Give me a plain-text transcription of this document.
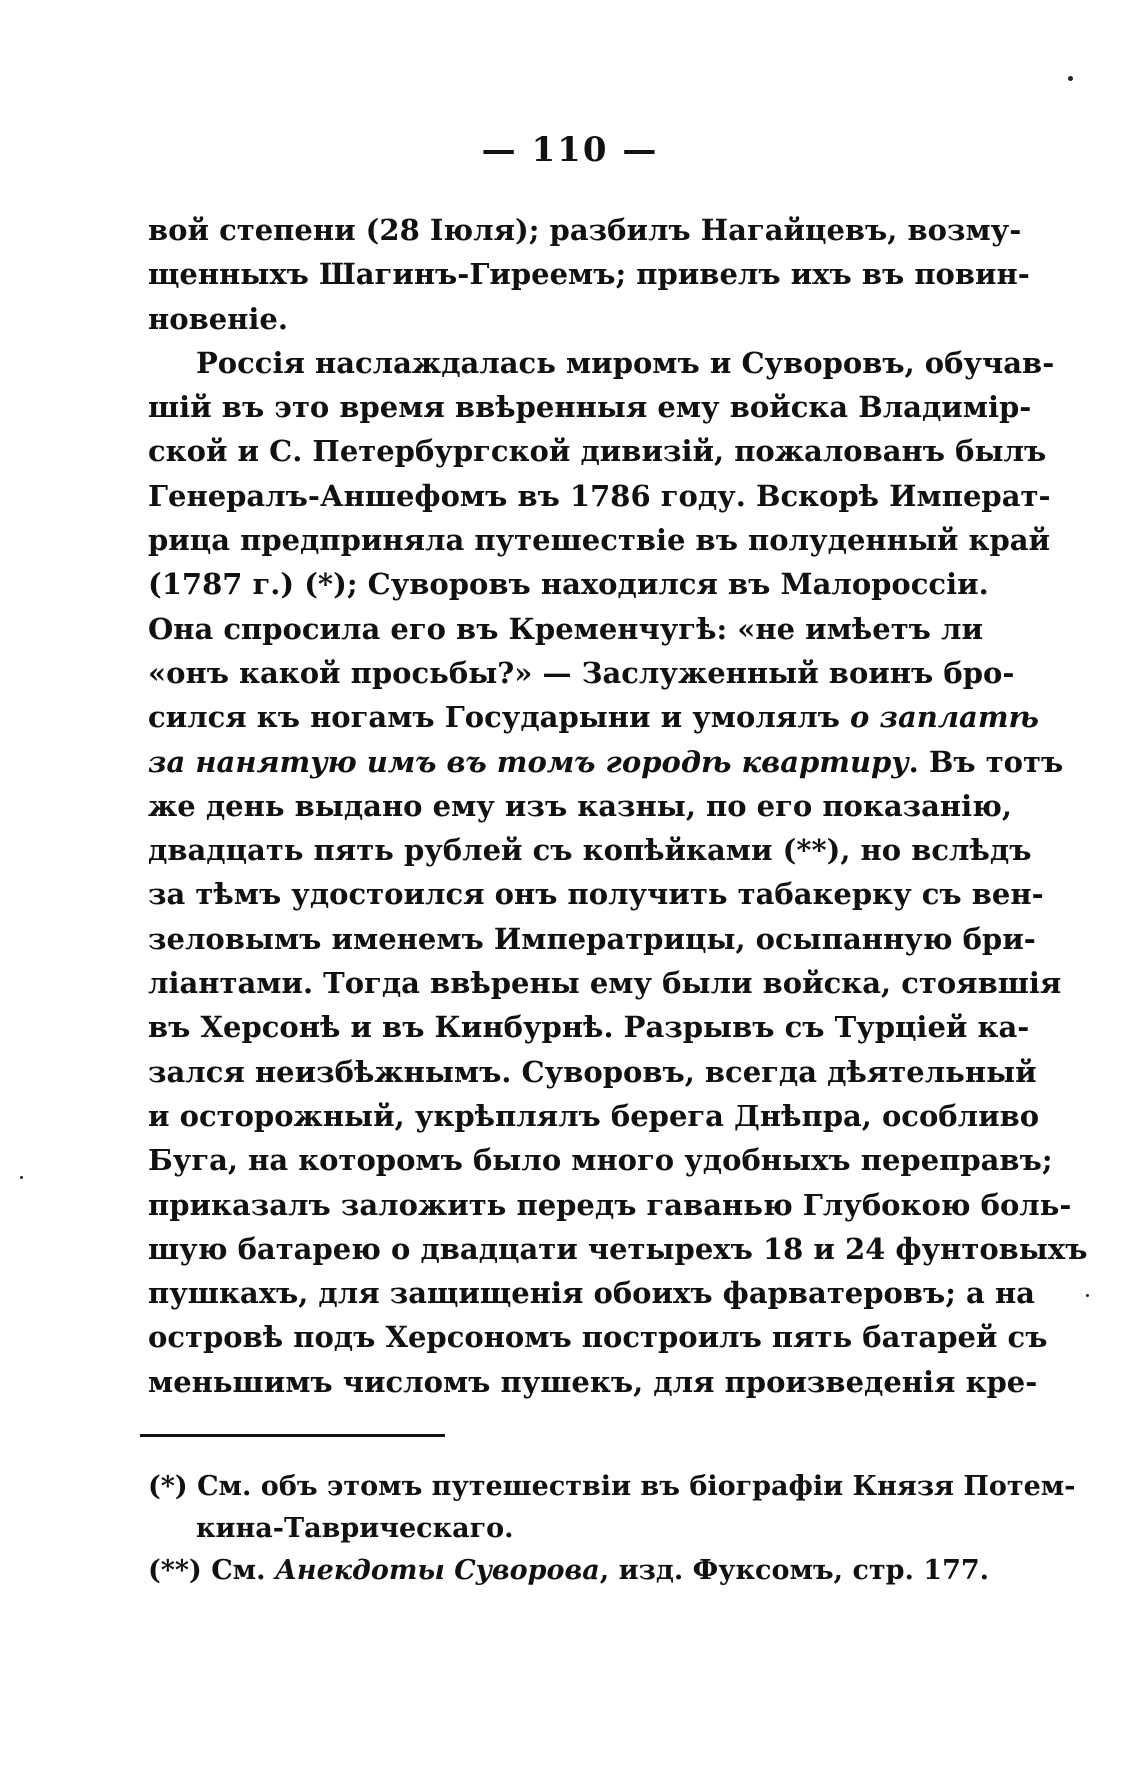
— 110 —
вой степени (28 Іюля); разбилъ Нагайцевъ, возму-
щенныхъ Шагинъ-Гиреемъ; привелъ ихъ въ повин-
новеніе.
Россія наслаждалась миромъ и Суворовъ, обучав-
шій въ это время ввѣренныя ему войска Владимір-
ской и С. Петербургской дивизій, пожалованъ былъ
Генералъ-Аншефомъ въ 1786 году. Вскорѣ Императ-
рица предприняла путешествіе въ полуденный край
(1787 г.) (*); Суворовъ находился въ Малороссіи.
Она спросила его въ Кременчугѣ: «не имѣетъ ли
«онъ какой просьбы?» — Заслуженный воинъ бро-
сился къ ногамъ Государыни и умолялъ о заплатѣ
за нанятую имъ въ томъ городѣ квартиру. Въ тотъ
же день выдано ему изъ казны, по его показанію,
двадцать пять рублей съ копѣйками (**), но вслѣдъ
за тѣмъ удостоился онъ получить табакерку съ вен-
зеловымъ именемъ Императрицы, осыпанную бри-
ліантами. Тогда ввѣрены ему были войска, стоявшія
въ Херсонѣ и въ Кинбурнѣ. Разрывъ съ Турціей ка-
зался неизбѣжнымъ. Суворовъ, всегда дѣятельный
и осторожный, укрѣплялъ берега Днѣпра, особливо
Буга, на которомъ было много удобныхъ переправъ;
приказалъ заложить передъ гаванью Глубокою боль-
шую батарею о двадцати четырехъ 18 и 24 фунтовыхъ
пушкахъ, для защищенія обоихъ фарватеровъ; а на
островѣ подъ Херсономъ построилъ пять батарей съ
меньшимъ числомъ пушекъ, для произведенія кре-
(*) См. объ этомъ путешествіи въ біографіи Князя Потем-
кина-Таврическаго.
(**) См. Анекдоты Суворова, изд. Фуксомъ, стр. 177.
